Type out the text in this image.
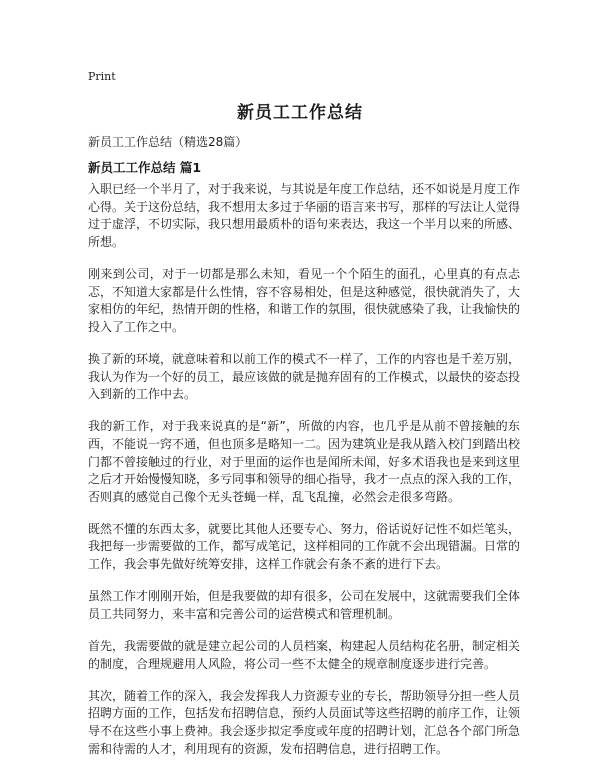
Print
新员工工作总结
新员工工作总结（精选28篇）
新员工工作总结 篇1

入职已经一个半月了，对于我来说，与其说是年度工作总结，还不如说是月度工作心得。关于这份总结，我不想用太多过于华丽的语言来书写，那样的写法让人觉得过于虚浮，不切实际，我只想用最质朴的语句来表达，我这一个半月以来的所感、所想。

刚来到公司，对于一切都是那么未知，看见一个个陌生的面孔，心里真的有点忐忑，不知道大家都是什么性情，容不容易相处，但是这种感觉，很快就消失了，大家相仿的年纪，热情开朗的性格，和谐工作的氛围，很快就感染了我，让我愉快的投入了工作之中。

换了新的环境，就意味着和以前工作的模式不一样了，工作的内容也是千差万别，我认为作为一个好的员工，最应该做的就是抛弃固有的工作模式，以最快的姿态投入到新的工作中去。

我的新工作，对于我来说真的是“新”，所做的内容，也几乎是从前不曾接触的东西，不能说一窍不通，但也顶多是略知一二。因为建筑业是我从踏入校门到踏出校门都不曾接触过的行业，对于里面的运作也是闻所未闻，好多术语我也是来到这里之后才开始慢慢知晓，多亏同事和领导的细心指导，我才一点点的深入我的工作，否则真的感觉自己像个无头苍蝇一样，乱飞乱撞，必然会走很多弯路。

既然不懂的东西太多，就要比其他人还要专心、努力，俗话说好记性不如烂笔头，我把每一步需要做的工作，都写成笔记，这样相同的工作就不会出现错漏。日常的工作，我会事先做好统筹安排，这样工作就会有条不紊的进行下去。

虽然工作才刚刚开始，但是我要做的却有很多，公司在发展中，这就需要我们全体员工共同努力，来丰富和完善公司的运营模式和管理机制。

首先，我需要做的就是建立起公司的人员档案，构建起人员结构花名册，制定相关的制度，合理规避用人风险，将公司一些不太健全的规章制度逐步进行完善。

其次，随着工作的深入，我会发挥我人力资源专业的专长，帮助领导分担一些人员招聘方面的工作，包括发布招聘信息，预约人员面试等这些招聘的前序工作，让领导不在这些小事上费神。我会逐步拟定季度或年度的招聘计划，汇总各个部门所急需和待需的人才，利用现有的资源，发布招聘信息，进行招聘工作。
